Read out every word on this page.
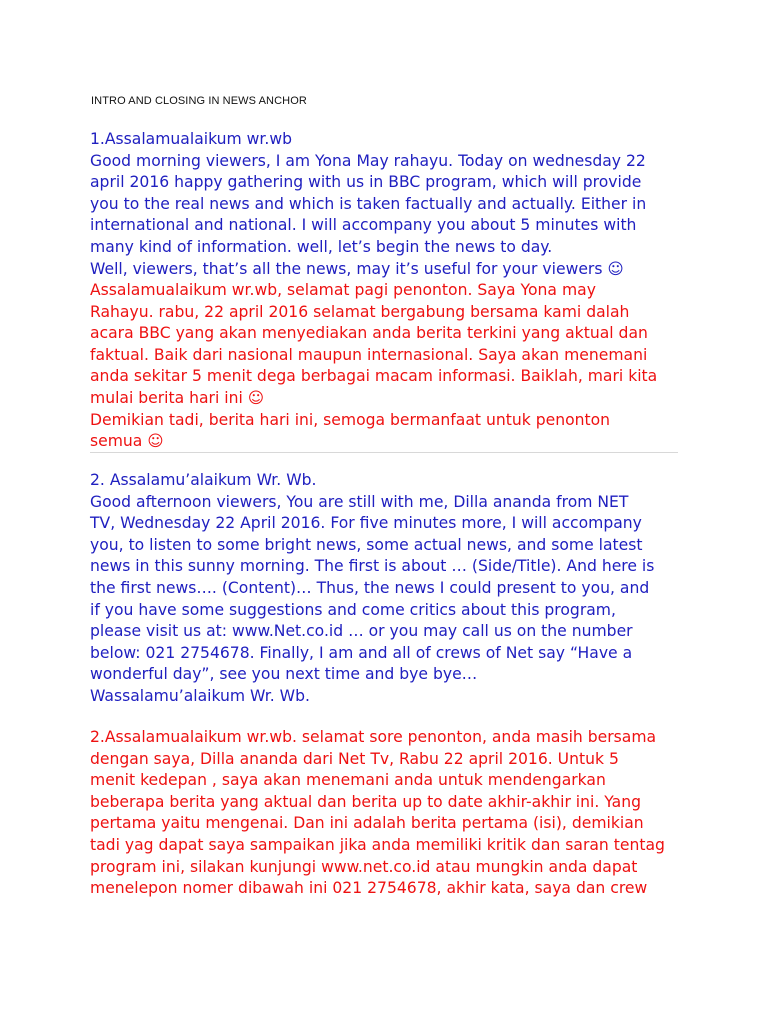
INTRO AND CLOSING IN NEWS ANCHOR
1.Assalamualaikum wr.wb
Good morning viewers, I am Yona May rahayu. Today on wednesday 22
april 2016 happy gathering with us in BBC program, which will provide
you to the real news and which is taken factually and actually. Either in
international and national. I will accompany you about 5 minutes with
many kind of information. well, let’s begin the news to day.
Well, viewers, that’s all the news, may it’s useful for your viewers ☺
Assalamualaikum wr.wb, selamat pagi penonton. Saya Yona may
Rahayu. rabu, 22 april 2016 selamat bergabung bersama kami dalah
acara BBC yang akan menyediakan anda berita terkini yang aktual dan
faktual. Baik dari nasional maupun internasional. Saya akan menemani
anda sekitar 5 menit dega berbagai macam informasi. Baiklah, mari kita
mulai berita hari ini ☺
Demikian tadi, berita hari ini, semoga bermanfaat untuk penonton
semua ☺
2. Assalamu’alaikum Wr. Wb.
Good afternoon viewers, You are still with me, Dilla ananda from NET
TV, Wednesday 22 April 2016. For five minutes more, I will accompany
you, to listen to some bright news, some actual news, and some latest
news in this sunny morning. The first is about … (Side/Title). And here is
the first news…. (Content)… Thus, the news I could present to you, and
if you have some suggestions and come critics about this program,
please visit us at: www.Net.co.id … or you may call us on the number
below: 021 2754678. Finally, I am and all of crews of Net say “Have a
wonderful day”, see you next time and bye bye…
Wassalamu’alaikum Wr. Wb.
2.Assalamualaikum wr.wb. selamat sore penonton, anda masih bersama
dengan saya, Dilla ananda dari Net Tv, Rabu 22 april 2016. Untuk 5
menit kedepan , saya akan menemani anda untuk mendengarkan
beberapa berita yang aktual dan berita up to date akhir-akhir ini. Yang
pertama yaitu mengenai. Dan ini adalah berita pertama (isi), demikian
tadi yag dapat saya sampaikan jika anda memiliki kritik dan saran tentag
program ini, silakan kunjungi www.net.co.id atau mungkin anda dapat
menelepon nomer dibawah ini 021 2754678, akhir kata, saya dan crew
